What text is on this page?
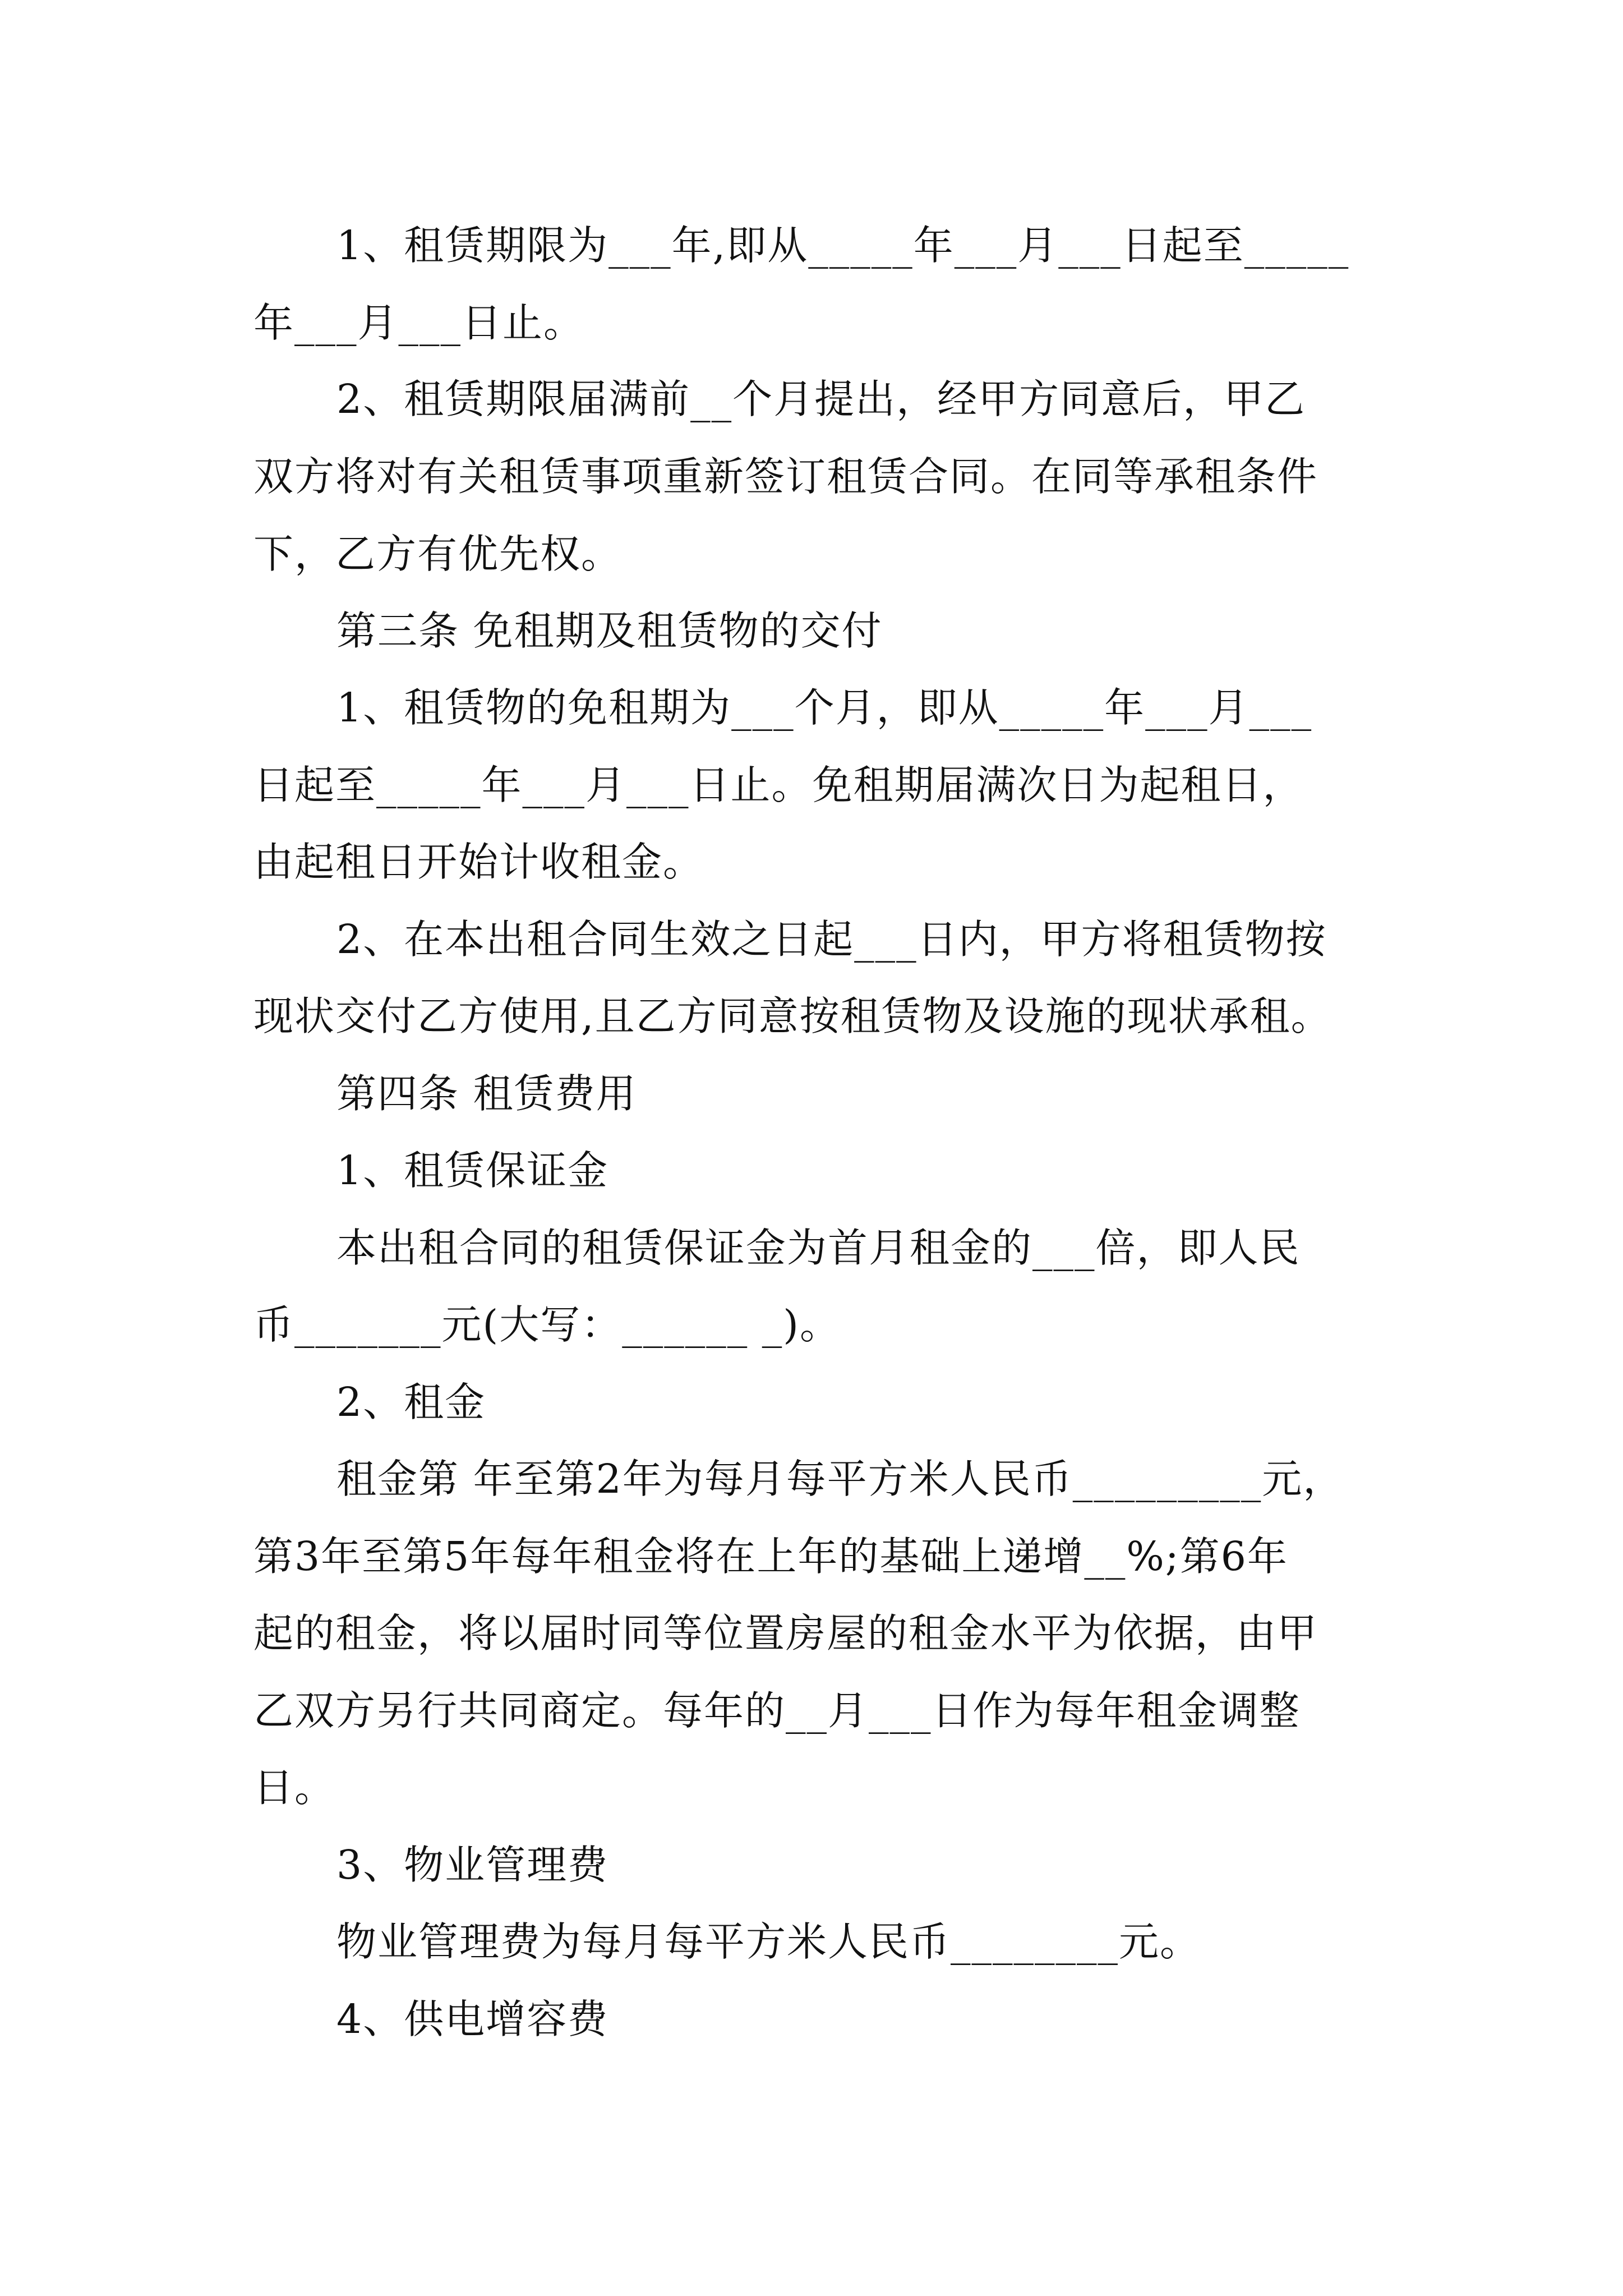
1、租赁期限为___年,即从_____年___月___日起至_____

年___月___日止。

2、租赁期限届满前__个月提出，经甲方同意后，甲乙

双方将对有关租赁事项重新签订租赁合同。在同等承租条件

下，乙方有优先权。

第三条 免租期及租赁物的交付

1、租赁物的免租期为___个月，即从_____年___月___

日起至_____年___月___日止。免租期届满次日为起租日，

由起租日开始计收租金。

2、在本出租合同生效之日起___日内，甲方将租赁物按

现状交付乙方使用,且乙方同意按租赁物及设施的现状承租。

第四条 租赁费用

1、租赁保证金

本出租合同的租赁保证金为首月租金的___倍，即人民

币_______元(大写：______ _)。

2、租金

租金第 年至第2年为每月每平方米人民币_________元，

第3年至第5年每年租金将在上年的基础上递增__%;第6年

起的租金，将以届时同等位置房屋的租金水平为依据，由甲

乙双方另行共同商定。每年的__月___日作为每年租金调整

日。

3、物业管理费

物业管理费为每月每平方米人民币________元。

4、供电增容费
